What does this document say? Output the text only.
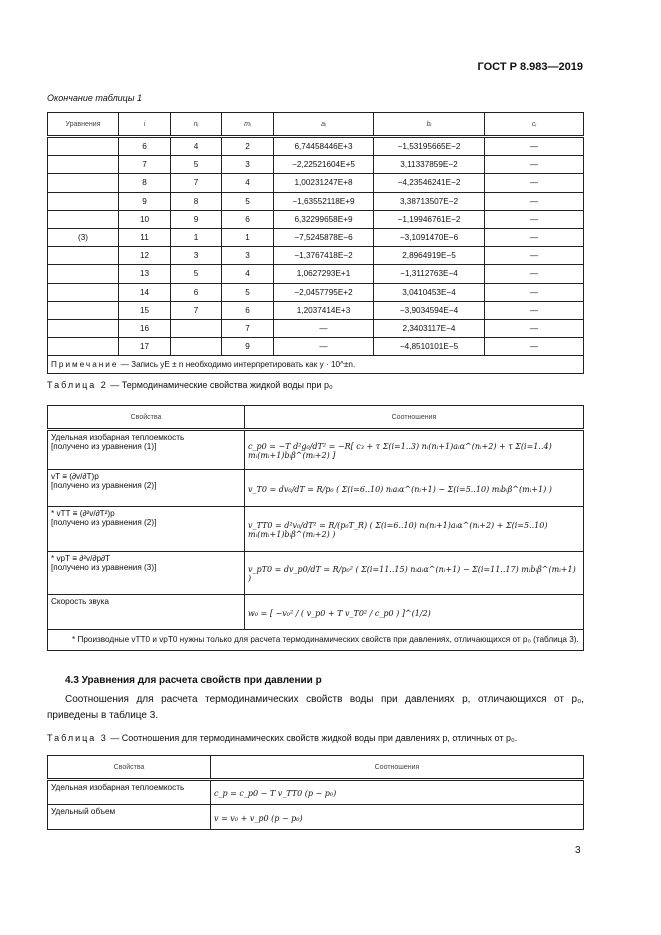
ГОСТ Р 8.983—2019
Окончание таблицы 1
Уравнения	i	nᵢ	mᵢ	aᵢ	bᵢ	cᵢ
	6	4	2	6,74458446E+3	−1,53195665E−2	—
	7	5	3	−2,22521604E+5	3,11337859E−2	—
	8	7	4	1,00231247E+8	−4,23546241E−2	—
	9	8	5	−1,63552118E+9	3,38713507E−2	—
	10	9	6	6,32299658E+9	−1,19946761E−2	—
(3)	11	1	1	−7,5245878E−6	−3,1091470E−6	—
	12	3	3	−1,3767418E−2	2,8964919E−5	—
	13	5	4	1,0627293E+1	−1,3112763E−4	—
	14	6	5	−2,0457795E+2	3,0410453E−4	—
	15	7	6	1,2037414E+3	−3,9034594E−4	—
	16		7	—	2,3403117E−4	—
	17		9	—	−4,8510101E−5	—
Примечание — Запись yE ± n необходимо интерпретировать как y · 10^±n.						
Таблица 2 — Термодинамические свойства жидкой воды при p₀
Свойства	Соотношения

Удельная изобарная теплоемкость
[получено из уравнения (1)]	c_p0 = −T d²g₀/dT² = −R[ c₃ + τ Σ(i=1..3) nᵢ(nᵢ+1)aᵢα^(nᵢ+2) + τ Σ(i=1..4) mᵢ(mᵢ+1)bᵢβ^(mᵢ+2) ]

vT ≡ (∂v/∂T)p
[получено из уравнения (2)]	v_T0 = dv₀/dT = R/p₀ ( Σ(i=6..10) nᵢaᵢα^(nᵢ+1) − Σ(i=5..10) mᵢbᵢβ^(mᵢ+1) )

* vTT ≡ (∂²v/∂T²)p
[получено из уравнения (2)]	v_TT0 = d²v₀/dT² = R/(p₀T_R) ( Σ(i=6..10) nᵢ(nᵢ+1)aᵢα^(nᵢ+2) + Σ(i=5..10) mᵢ(mᵢ+1)bᵢβ^(mᵢ+2) )

* vpT ≡ ∂²v/∂p∂T
[получено из уравнения (3)]	v_pT0 = dv_p0/dT = R/p₀² ( Σ(i=11..15) nᵢaᵢα^(nᵢ+1) − Σ(i=11..17) mᵢbᵢβ^(mᵢ+1) )

Скорость звука	w₀ = [ −v₀² / ( v_p0 + T v_T0² / c_p0 ) ]^(1/2)
* Производные vTT0 и vpT0 нужны только для расчета термодинамических свойств при давлениях, отличающихся от p₀ (таблица 3).	
4.3 Уравнения для расчета свойств при давлении p
Соотношения для расчета термодинамических свойств воды при давлениях p, отличающихся от p₀, приведены в таблице 3.
Таблица 3 — Соотношения для термодинамических свойств жидкой воды при давлениях p, отличных от p₀.
Свойства	Соотношения
Удельная изобарная теплоемкость	c_p = c_p0 − T v_TT0 (p − p₀)
Удельный объем	v = v₀ + v_p0 (p − p₀)
3
